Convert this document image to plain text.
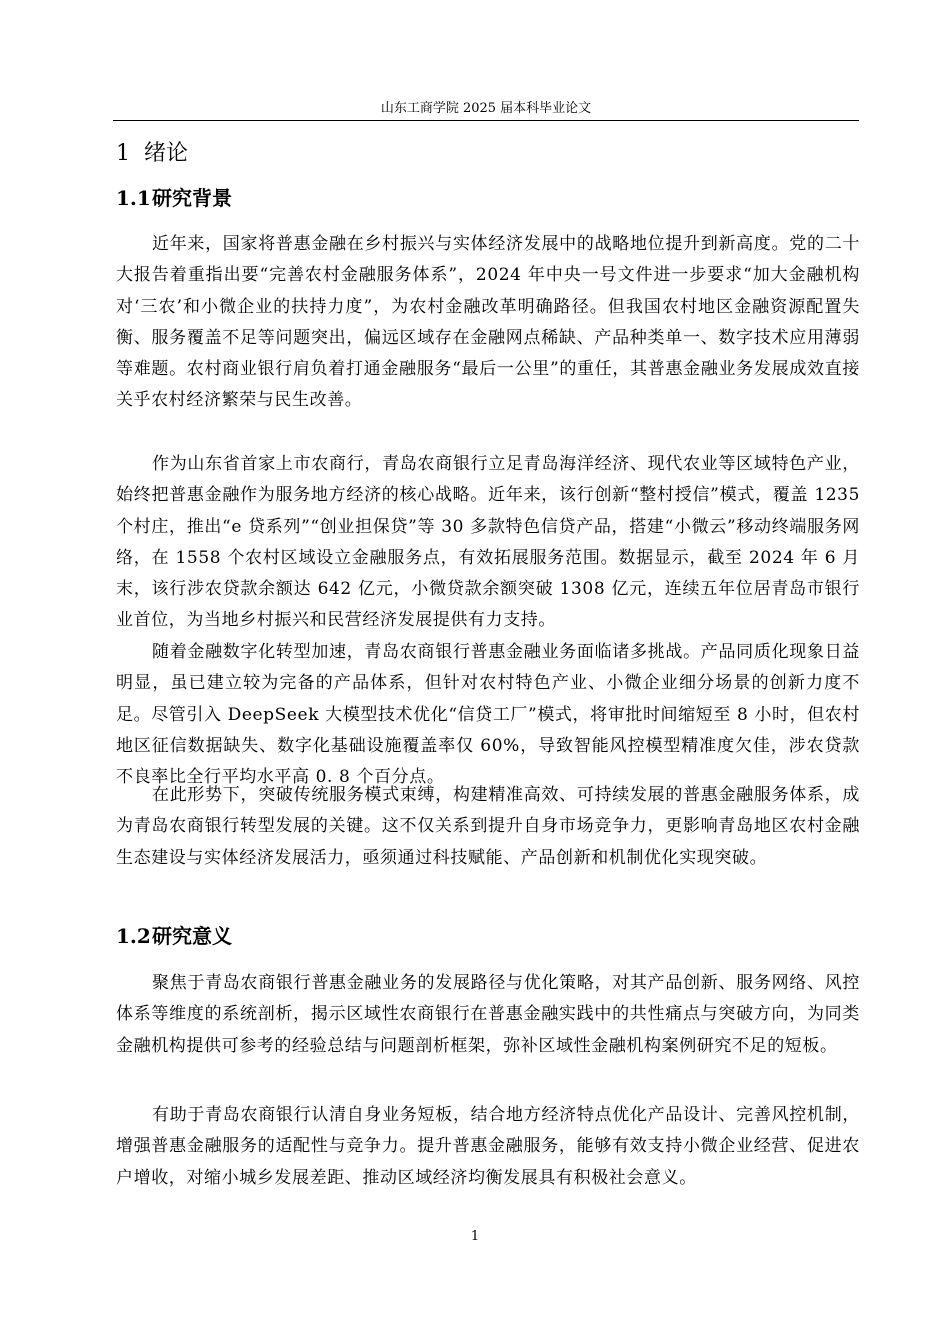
山东工商学院 2025 届本科毕业论文
1 绪论
1.1研究背景

近年来，国家将普惠金融在乡村振兴与实体经济发展中的战略地位提升到新高度。党的二十大报告着重指出要“完善农村金融服务体系”，2024 年中央一号文件进一步要求“加大金融机构对‘三农’和小微企业的扶持力度”，为农村金融改革明确路径。但我国农村地区金融资源配置失衡、服务覆盖不足等问题突出，偏远区域存在金融网点稀缺、产品种类单一、数字技术应用薄弱等难题。农村商业银行肩负着打通金融服务“最后一公里”的重任，其普惠金融业务发展成效直接关乎农村经济繁荣与民生改善。

作为山东省首家上市农商行，青岛农商银行立足青岛海洋经济、现代农业等区域特色产业，始终把普惠金融作为服务地方经济的核心战略。近年来，该行创新“整村授信”模式，覆盖 1235 个村庄，推出“e 贷系列”“创业担保贷”等 30 多款特色信贷产品，搭建“小微云”移动终端服务网络，在 1558 个农村区域设立金融服务点，有效拓展服务范围。数据显示，截至 2024 年 6 月末，该行涉农贷款余额达 642 亿元，小微贷款余额突破 1308 亿元，连续五年位居青岛市银行业首位，为当地乡村振兴和民营经济发展提供有力支持。

随着金融数字化转型加速，青岛农商银行普惠金融业务面临诸多挑战。产品同质化现象日益明显，虽已建立较为完备的产品体系，但针对农村特色产业、小微企业细分场景的创新力度不足。尽管引入 DeepSeek 大模型技术优化“信贷工厂”模式，将审批时间缩短至 8 小时，但农村地区征信数据缺失、数字化基础设施覆盖率仅 60%，导致智能风控模型精准度欠佳，涉农贷款不良率比全行平均水平高 0. 8 个百分点。

在此形势下，突破传统服务模式束缚，构建精准高效、可持续发展的普惠金融服务体系，成为青岛农商银行转型发展的关键。这不仅关系到提升自身市场竞争力，更影响青岛地区农村金融生态建设与实体经济发展活力，亟须通过科技赋能、产品创新和机制优化实现突破。

1.2研究意义

聚焦于青岛农商银行普惠金融业务的发展路径与优化策略，对其产品创新、服务网络、风控体系等维度的系统剖析，揭示区域性农商银行在普惠金融实践中的共性痛点与突破方向，为同类金融机构提供可参考的经验总结与问题剖析框架，弥补区域性金融机构案例研究不足的短板。

有助于青岛农商银行认清自身业务短板，结合地方经济特点优化产品设计、完善风控机制，增强普惠金融服务的适配性与竞争力。提升普惠金融服务，能够有效支持小微企业经营、促进农户增收，对缩小城乡发展差距、推动区域经济均衡发展具有积极社会意义。

1
